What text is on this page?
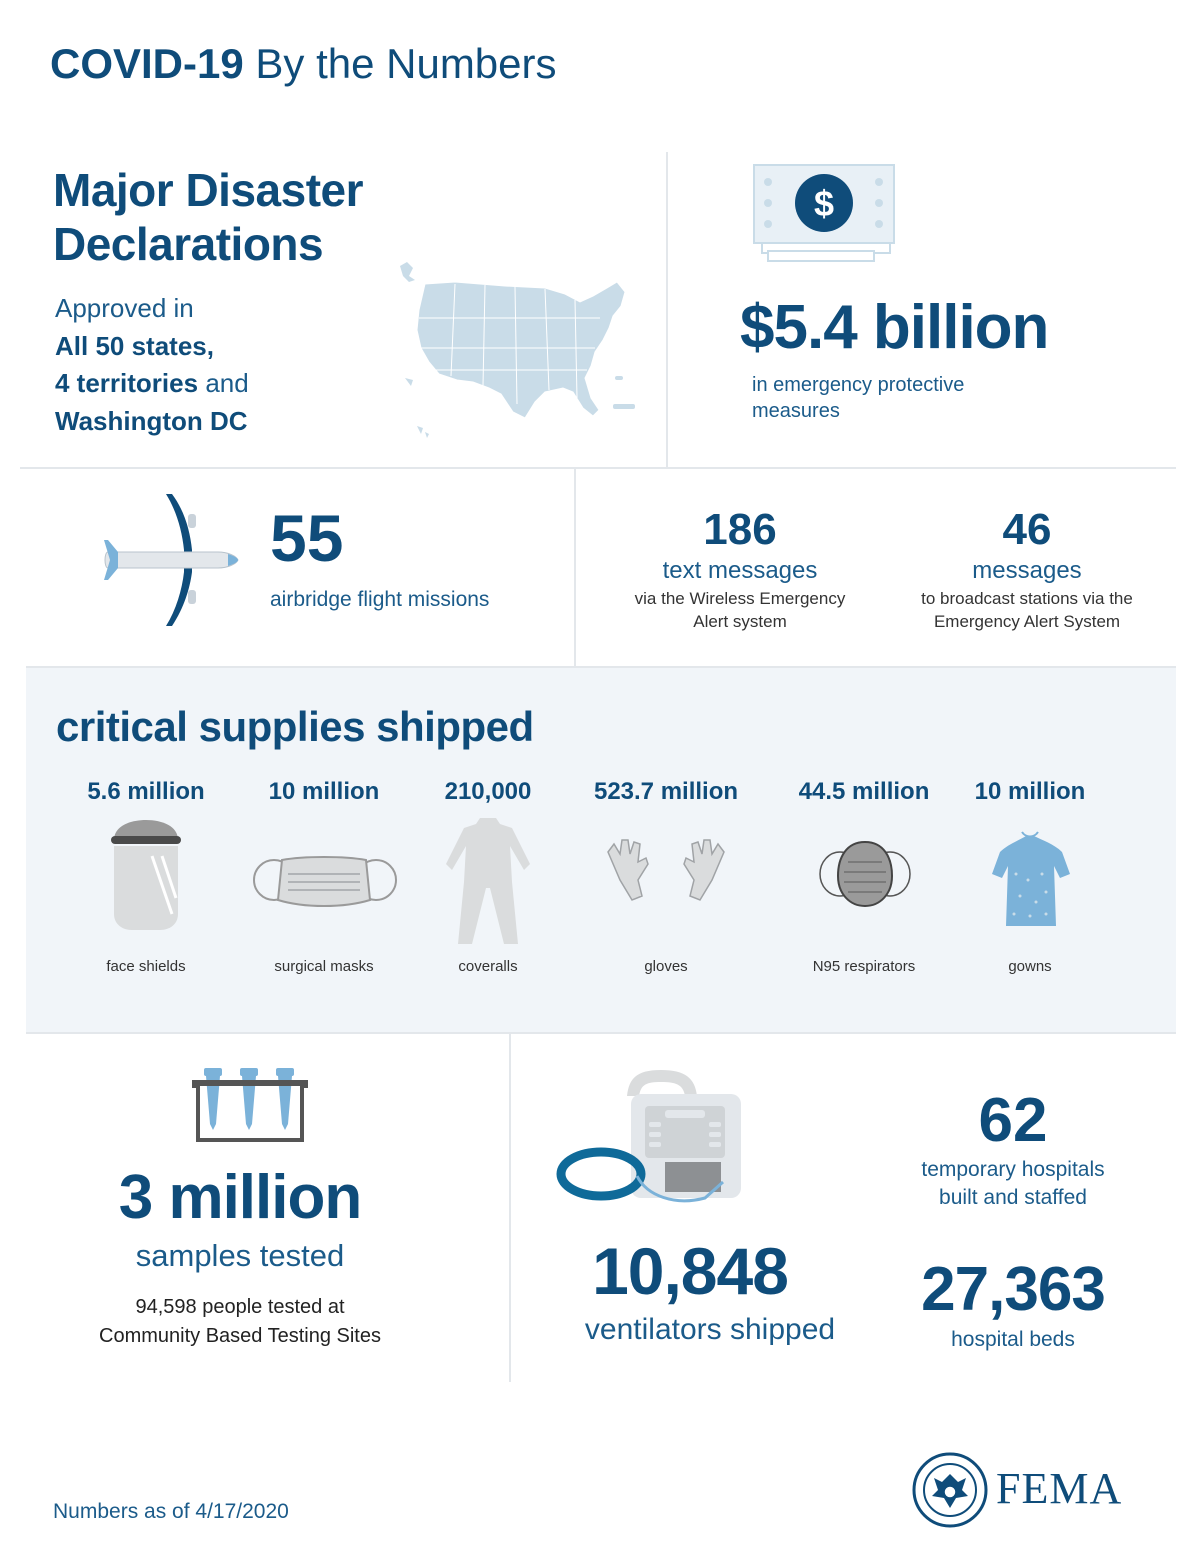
COVID-19 By the Numbers
Major Disaster
Declarations
Approved in
All 50 states,
4 territories and
Washington DC
$
$5.4 billion
in emergency protective measures
55
airbridge flight missions
186
text messages
via the Wireless Emergency Alert system
46
messages
to broadcast stations via the Emergency Alert System
critical supplies shipped
5.6 million
face shields
10 million
surgical masks
210,000
coveralls
523.7 million
gloves
44.5 million
N95 respirators
10 million
gowns
3 million
samples tested
94,598 people tested at
Community Based Testing Sites
10,848
ventilators shipped
62
temporary hospitals
built and staffed
27,363
hospital beds
Numbers as of 4/17/2020	FEMA
